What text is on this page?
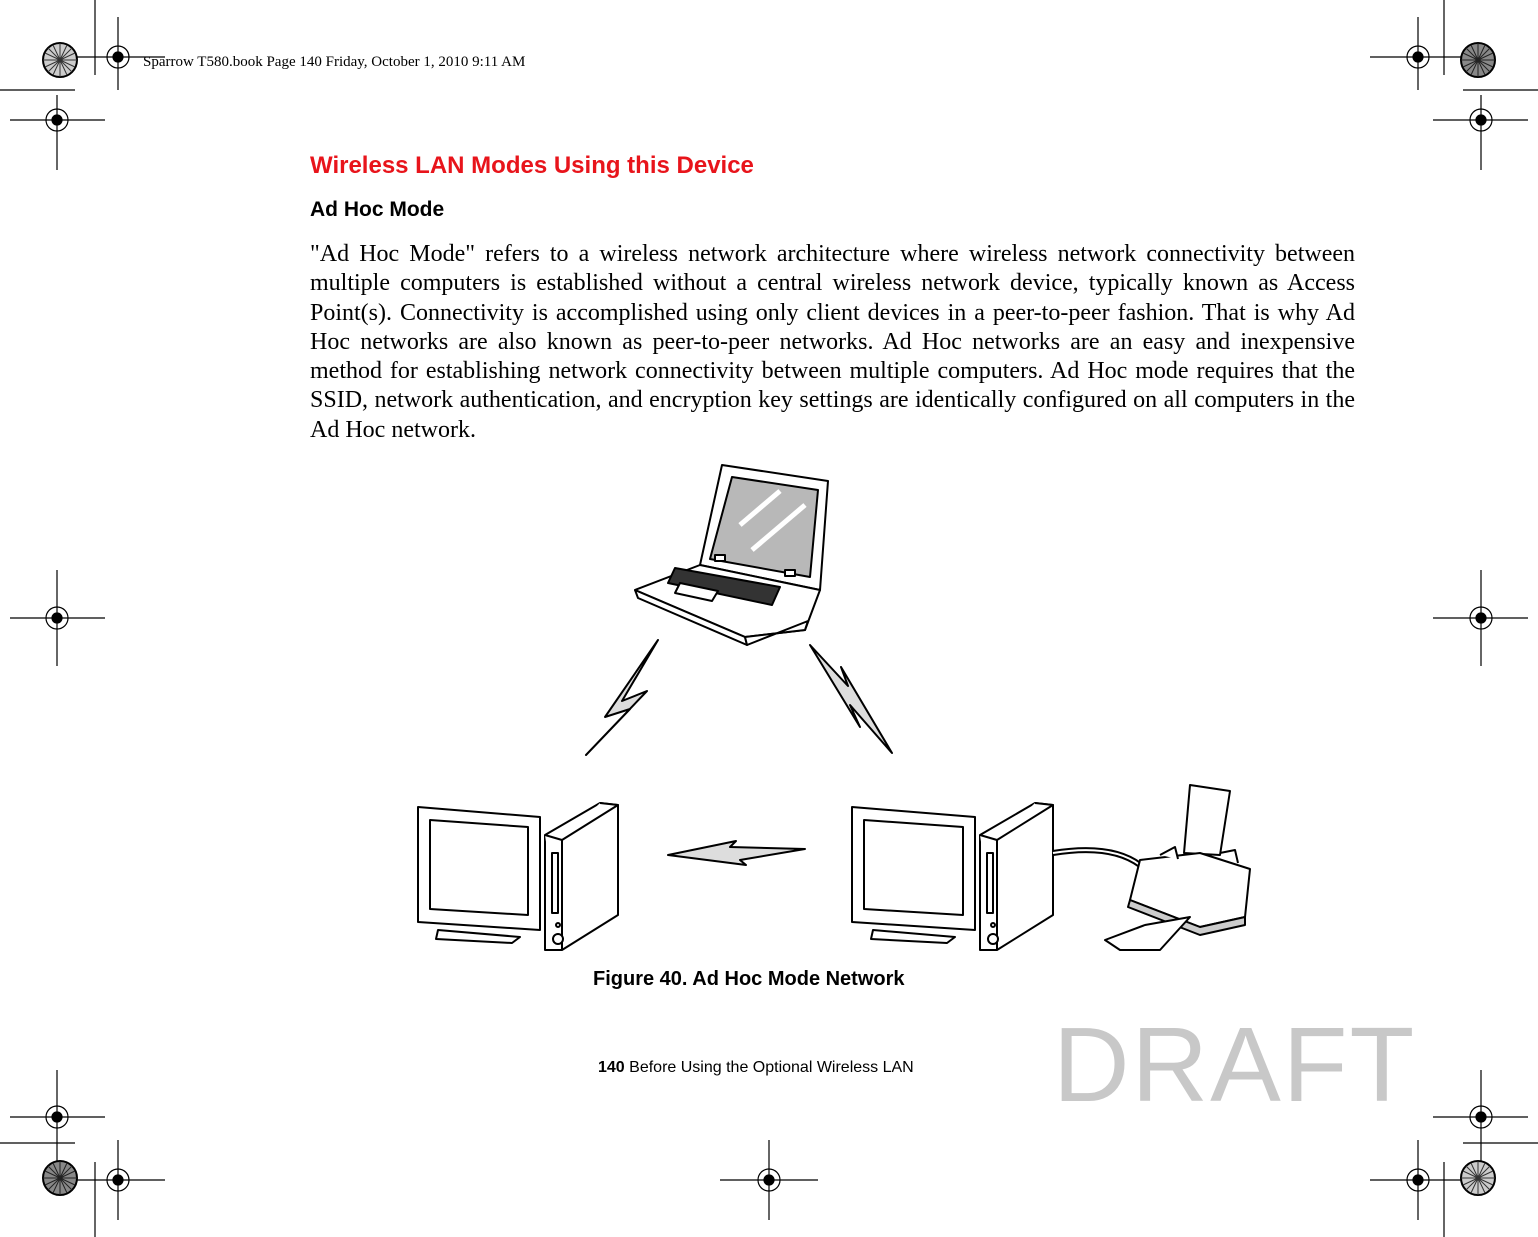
Sparrow T580.book Page 140 Friday, October 1, 2010 9:11 AM
Wireless LAN Modes Using this Device
Ad Hoc Mode
"Ad Hoc Mode" refers to a wireless network architecture where wireless network connectivity between multiple computers is established without a central wireless network device, typically known as Access Point(s). Connectivity is accomplished using only client devices in a peer-to-peer fashion. That is why Ad Hoc networks are also known as peer-to-peer networks. Ad Hoc networks are an easy and inexpensive method for establishing network connectivity between multiple computers. Ad Hoc mode requires that the SSID, network authentication, and encryption key settings are identically configured on all computers in the Ad Hoc network.
Figure 40. Ad Hoc Mode Network
140 Before Using the Optional Wireless LAN DRAFT
